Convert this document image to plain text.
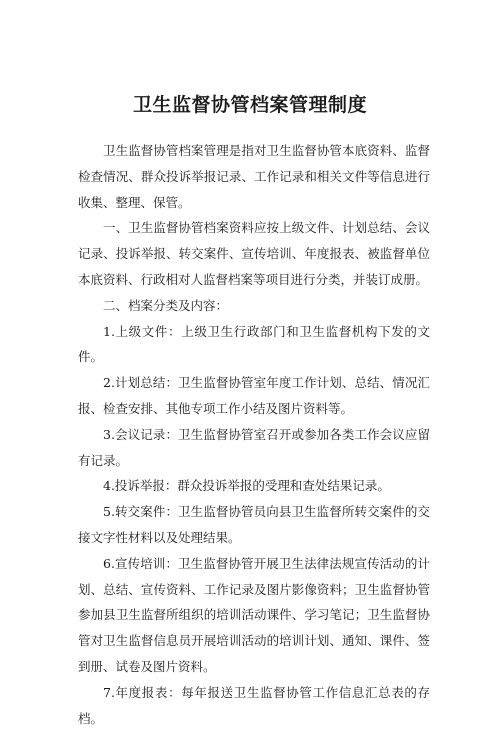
卫生监督协管档案管理制度

卫生监督协管档案管理是指对卫生监督协管本底资料、监督检查情况、群众投诉举报记录、工作记录和相关文件等信息进行收集、整理、保管。

一、卫生监督协管档案资料应按上级文件、计划总结、会议记录、投诉举报、转交案件、宣传培训、年度报表、被监督单位本底资料、行政相对人监督档案等项目进行分类，并装订成册。

二、档案分类及内容：

1.上级文件：上级卫生行政部门和卫生监督机构下发的文件。

2.计划总结：卫生监督协管室年度工作计划、总结、情况汇报、检查安排、其他专项工作小结及图片资料等。

3.会议记录：卫生监督协管室召开或参加各类工作会议应留有记录。

4.投诉举报：群众投诉举报的受理和查处结果记录。

5.转交案件：卫生监督协管员向县卫生监督所转交案件的交接文字性材料以及处理结果。

6.宣传培训：卫生监督协管开展卫生法律法规宣传活动的计划、总结、宣传资料、工作记录及图片影像资料；卫生监督协管参加县卫生监督所组织的培训活动课件、学习笔记；卫生监督协管对卫生监督信息员开展培训活动的培训计划、通知、课件、签到册、试卷及图片资料。

7.年度报表：每年报送卫生监督协管工作信息汇总表的存档。
